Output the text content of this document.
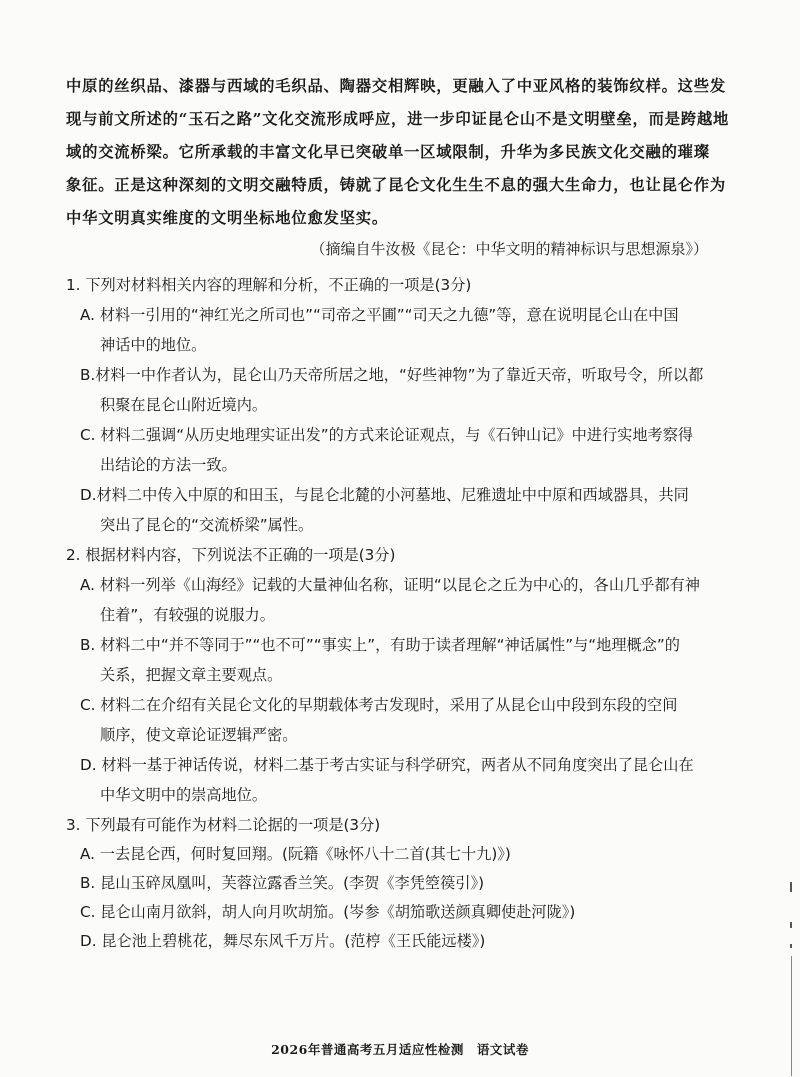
中原的丝织品、漆器与西域的毛织品、陶器交相辉映，更融入了中亚风格的装饰纹样。这些发

现与前文所述的“玉石之路”文化交流形成呼应，进一步印证昆仑山不是文明壁垒，而是跨越地

域的交流桥梁。它所承载的丰富文化早已突破单一区域限制，升华为多民族文化交融的璀璨

象征。正是这种深刻的文明交融特质，铸就了昆仑文化生生不息的强大生命力，也让昆仑作为

中华文明真实维度的文明坐标地位愈发坚实。

（摘编自牛汝极《昆仑：中华文明的精神标识与思想源泉》）

1. 下列对材料相关内容的理解和分析，不正确的一项是(3分)

A. 材料一引用的“神红光之所司也”“司帝之平圃”“司天之九德”等，意在说明昆仑山在中国

神话中的地位。

B.材料一中作者认为，昆仑山乃天帝所居之地，“好些神物”为了靠近天帝，听取号令，所以都

积聚在昆仑山附近境内。

C. 材料二强调“从历史地理实证出发”的方式来论证观点，与《石钟山记》中进行实地考察得

出结论的方法一致。

D.材料二中传入中原的和田玉，与昆仑北麓的小河墓地、尼雅遗址中中原和西域器具，共同

突出了昆仑的“交流桥梁”属性。

2. 根据材料内容，下列说法不正确的一项是(3分)

A. 材料一列举《山海经》记载的大量神仙名称，证明“以昆仑之丘为中心的，各山几乎都有神

住着”，有较强的说服力。

B. 材料二中“并不等同于”“也不可”“事实上”，有助于读者理解“神话属性”与“地理概念”的

关系，把握文章主要观点。

C. 材料二在介绍有关昆仑文化的早期载体考古发现时，采用了从昆仑山中段到东段的空间

顺序，使文章论证逻辑严密。

D. 材料一基于神话传说，材料二基于考古实证与科学研究，两者从不同角度突出了昆仑山在

中华文明中的崇高地位。

3. 下列最有可能作为材料二论据的一项是(3分)

A. 一去昆仑西，何时复回翔。(阮籍《咏怀八十二首(其七十九)》)

B. 昆山玉碎凤凰叫，芙蓉泣露香兰笑。(李贺《李凭箜篌引》)

C. 昆仑山南月欲斜，胡人向月吹胡笳。(岑参《胡笳歌送颜真卿使赴河陇》)

D. 昆仑池上碧桃花，舞尽东风千万片。(范梈《王氏能远楼》)

2026年普通高考五月适应性检测　语文试卷
